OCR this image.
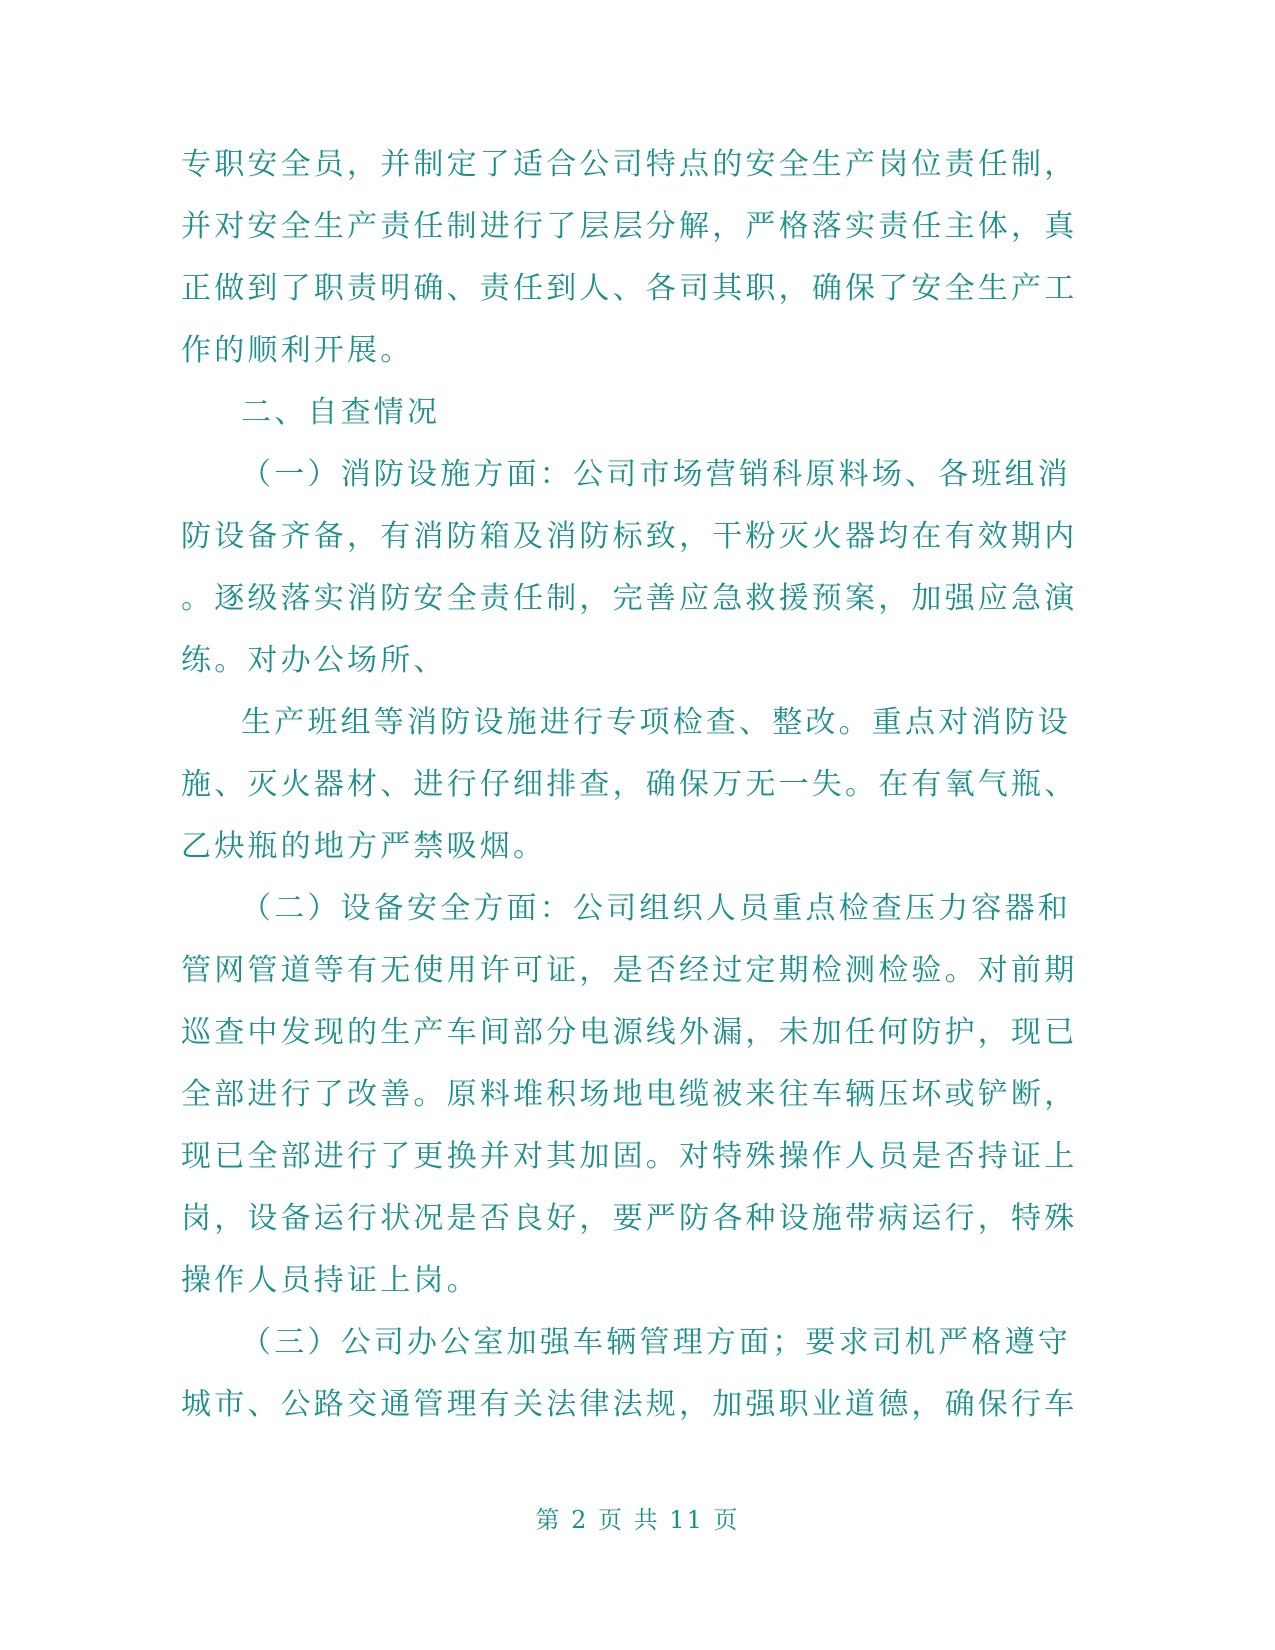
专职安全员，并制定了适合公司特点的安全生产岗位责任制，
并对安全生产责任制进行了层层分解，严格落实责任主体，真
正做到了职责明确、责任到人、各司其职，确保了安全生产工
作的顺利开展。
二、自查情况
（一）消防设施方面：公司市场营销科原料场、各班组消
防设备齐备，有消防箱及消防标致，干粉灭火器均在有效期内
。逐级落实消防安全责任制，完善应急救援预案，加强应急演
练。对办公场所、
生产班组等消防设施进行专项检查、整改。重点对消防设
施、灭火器材、进行仔细排查，确保万无一失。在有氧气瓶、
乙炔瓶的地方严禁吸烟。
（二）设备安全方面：公司组织人员重点检查压力容器和
管网管道等有无使用许可证，是否经过定期检测检验。对前期
巡查中发现的生产车间部分电源线外漏，未加任何防护，现已
全部进行了改善。原料堆积场地电缆被来往车辆压坏或铲断，
现已全部进行了更换并对其加固。对特殊操作人员是否持证上
岗，设备运行状况是否良好，要严防各种设施带病运行，特殊
操作人员持证上岗。
（三）公司办公室加强车辆管理方面；要求司机严格遵守
城市、公路交通管理有关法律法规，加强职业道德，确保行车
第 2 页 共 11 页
